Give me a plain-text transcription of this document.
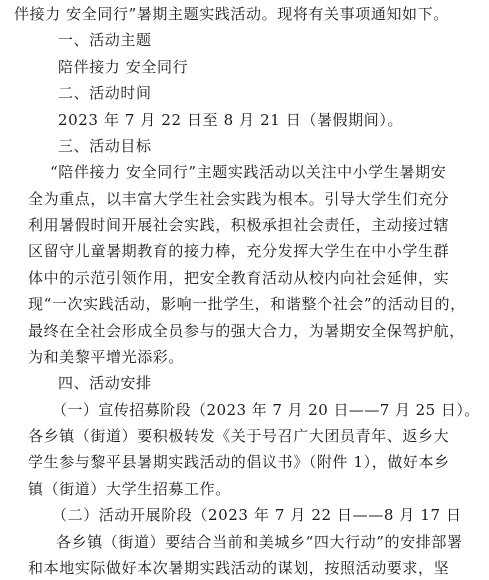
伴接力 安全同行”暑期主题实践活动。现将有关事项通知如下。
一、活动主题
陪伴接力 安全同行
二、活动时间
2023 年 7 月 22 日至 8 月 21 日（暑假期间）。
三、活动目标
“陪伴接力 安全同行”主题实践活动以关注中小学生暑期安
全为重点，以丰富大学生社会实践为根本。引导大学生们充分
利用暑假时间开展社会实践，积极承担社会责任，主动接过辖
区留守儿童暑期教育的接力棒，充分发挥大学生在中小学生群
体中的示范引领作用，把安全教育活动从校内向社会延伸，实
现“一次实践活动，影响一批学生，和谐整个社会”的活动目的，
最终在全社会形成全员参与的强大合力，为暑期安全保驾护航，
为和美黎平增光添彩。
四、活动安排
（一）宣传招募阶段（2023 年 7 月 20 日——7 月 25 日）。
各乡镇（街道）要积极转发《关于号召广大团员青年、返乡大
学生参与黎平县暑期实践活动的倡议书》（附件 1），做好本乡
镇（街道）大学生招募工作。
（二）活动开展阶段（2023 年 7 月 22 日——8 月 17 日
各乡镇（街道）要结合当前和美城乡“四大行动”的安排部署
和本地实际做好本次暑期实践活动的谋划，按照活动要求，坚
